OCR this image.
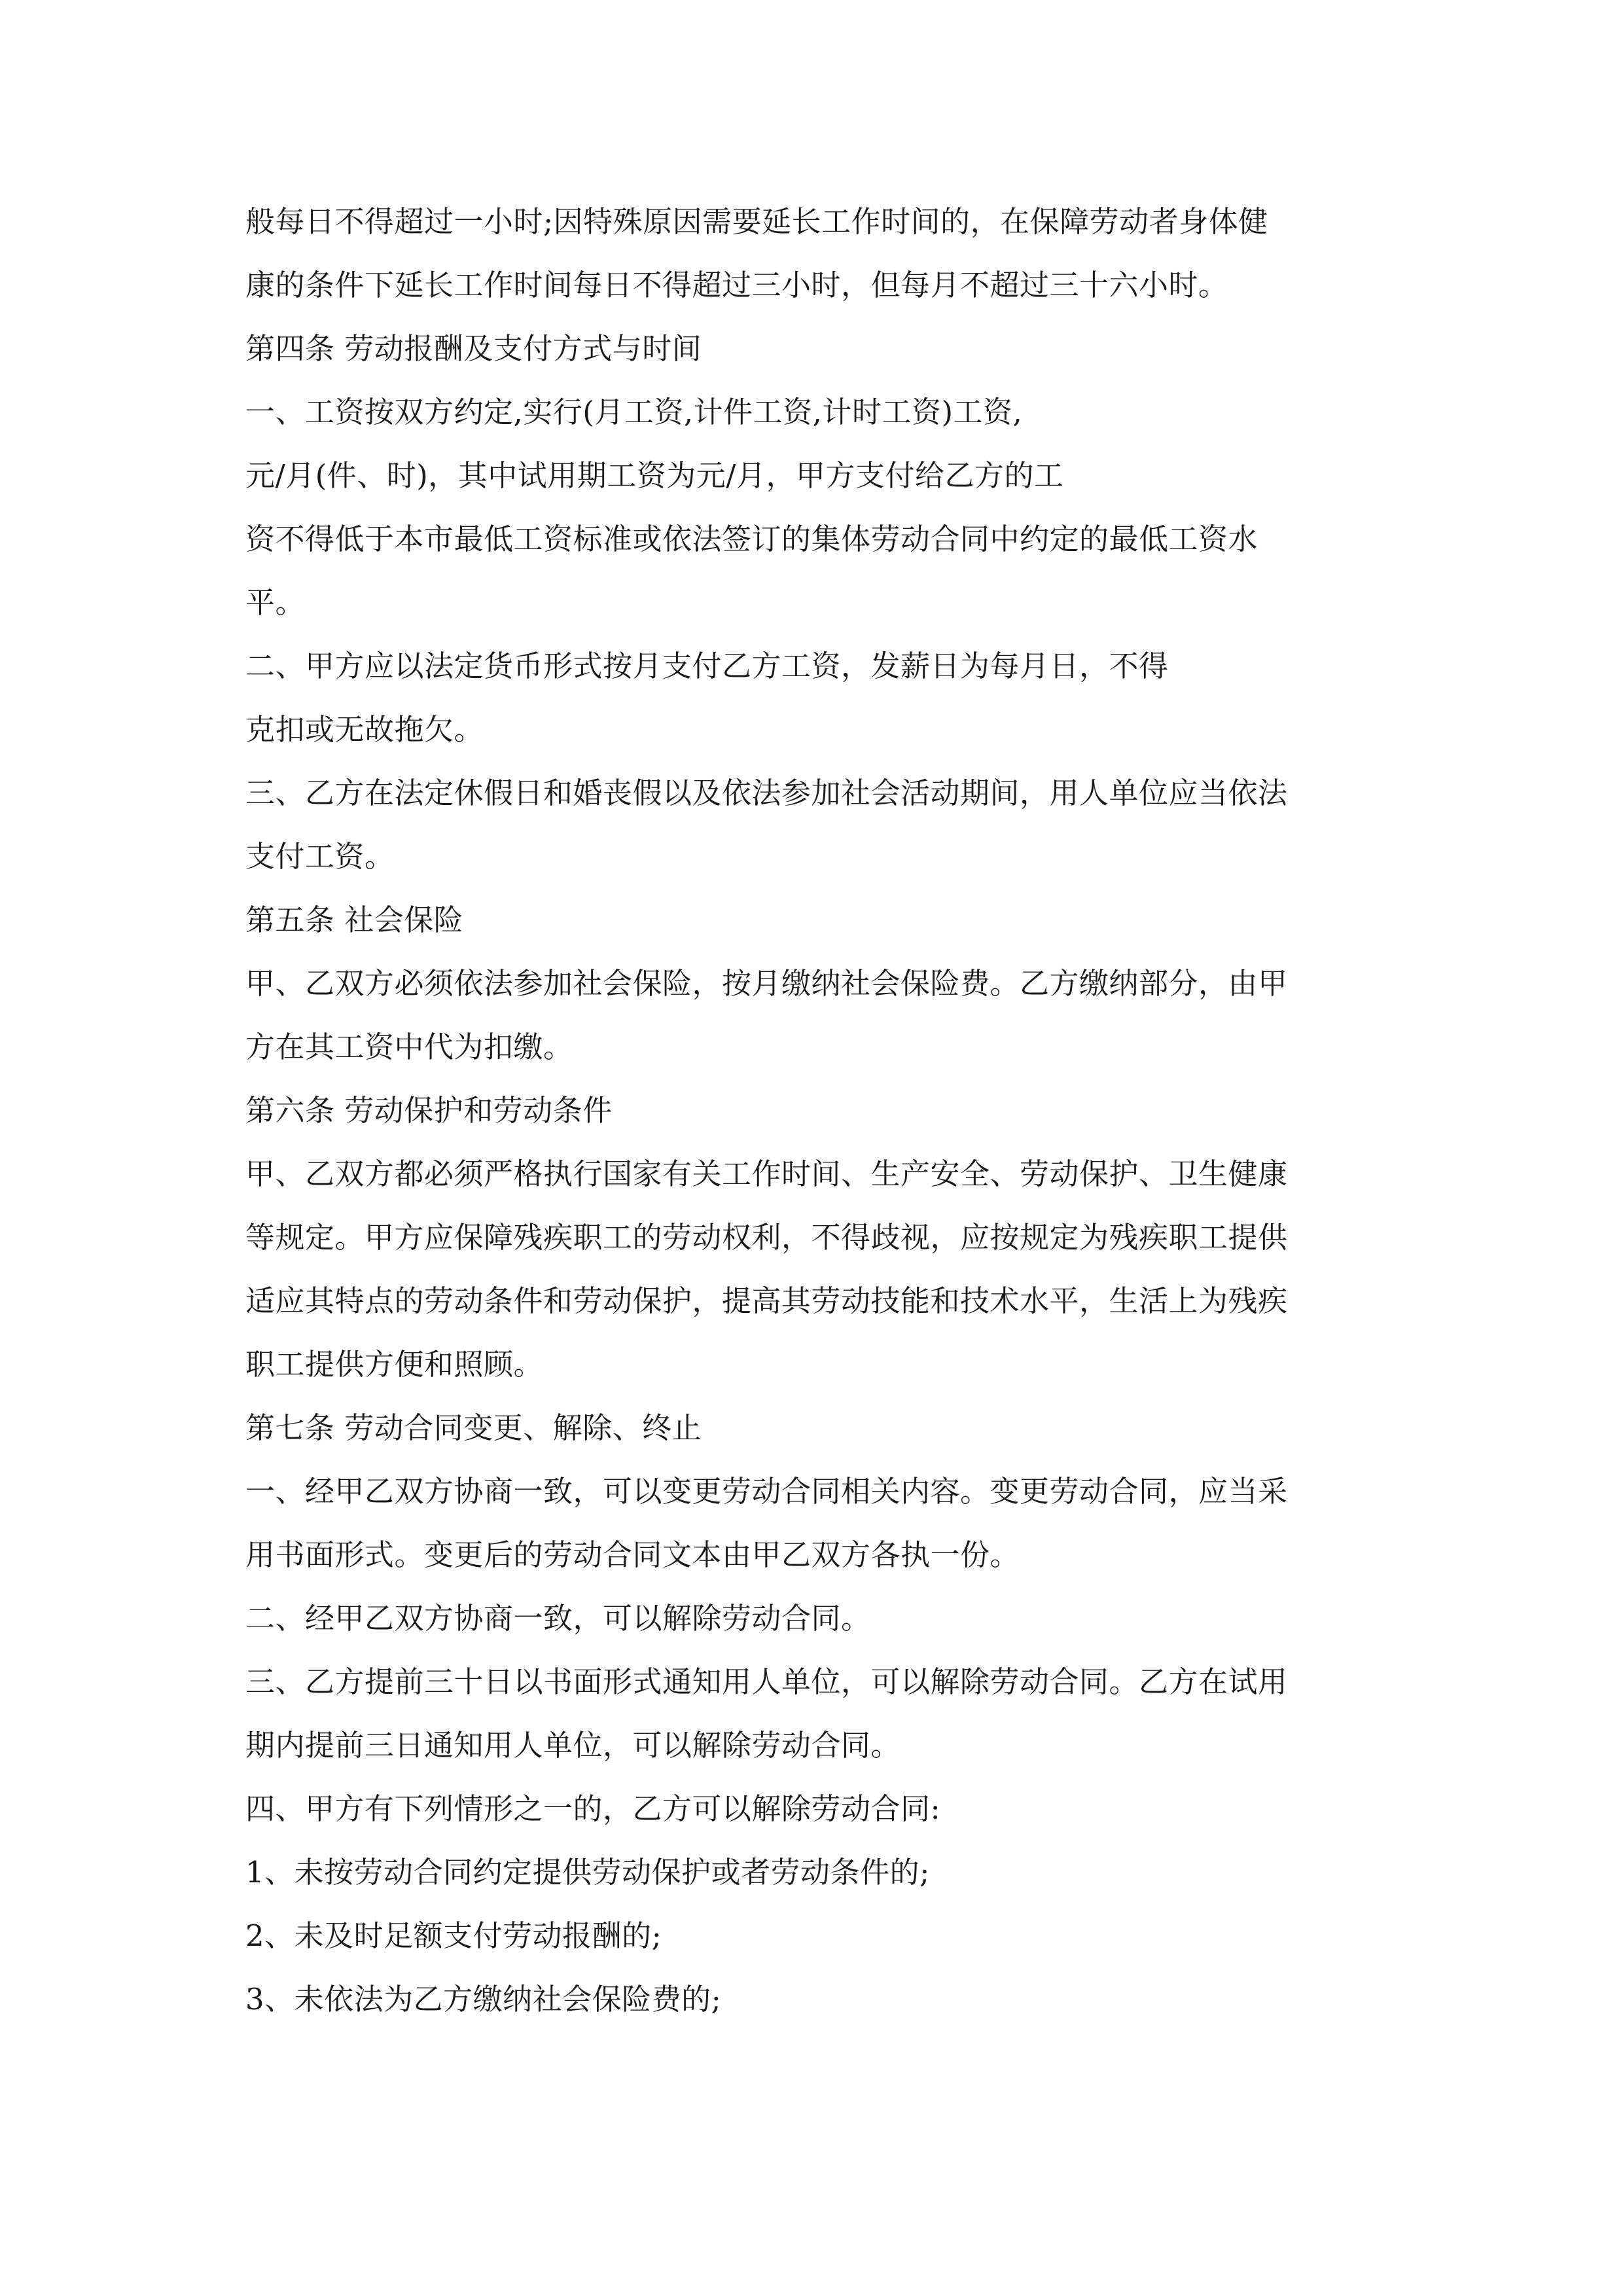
般每日不得超过一小时;因特殊原因需要延长工作时间的，在保障劳动者身体健
康的条件下延长工作时间每日不得超过三小时，但每月不超过三十六小时。
第四条 劳动报酬及支付方式与时间
一、工资按双方约定,实行(月工资,计件工资,计时工资)工资,
元/月(件、时)，其中试用期工资为元/月，甲方支付给乙方的工
资不得低于本市最低工资标准或依法签订的集体劳动合同中约定的最低工资水
平。
二、甲方应以法定货币形式按月支付乙方工资，发薪日为每月日，不得
克扣或无故拖欠。
三、乙方在法定休假日和婚丧假以及依法参加社会活动期间，用人单位应当依法
支付工资。
第五条 社会保险
甲、乙双方必须依法参加社会保险，按月缴纳社会保险费。乙方缴纳部分，由甲
方在其工资中代为扣缴。
第六条 劳动保护和劳动条件
甲、乙双方都必须严格执行国家有关工作时间、生产安全、劳动保护、卫生健康
等规定。甲方应保障残疾职工的劳动权利，不得歧视，应按规定为残疾职工提供
适应其特点的劳动条件和劳动保护，提高其劳动技能和技术水平，生活上为残疾
职工提供方便和照顾。
第七条 劳动合同变更、解除、终止
一、经甲乙双方协商一致，可以变更劳动合同相关内容。变更劳动合同，应当采
用书面形式。变更后的劳动合同文本由甲乙双方各执一份。
二、经甲乙双方协商一致，可以解除劳动合同。
三、乙方提前三十日以书面形式通知用人单位，可以解除劳动合同。乙方在试用
期内提前三日通知用人单位，可以解除劳动合同。
四、甲方有下列情形之一的，乙方可以解除劳动合同:
1、未按劳动合同约定提供劳动保护或者劳动条件的;
2、未及时足额支付劳动报酬的;
3、未依法为乙方缴纳社会保险费的;
